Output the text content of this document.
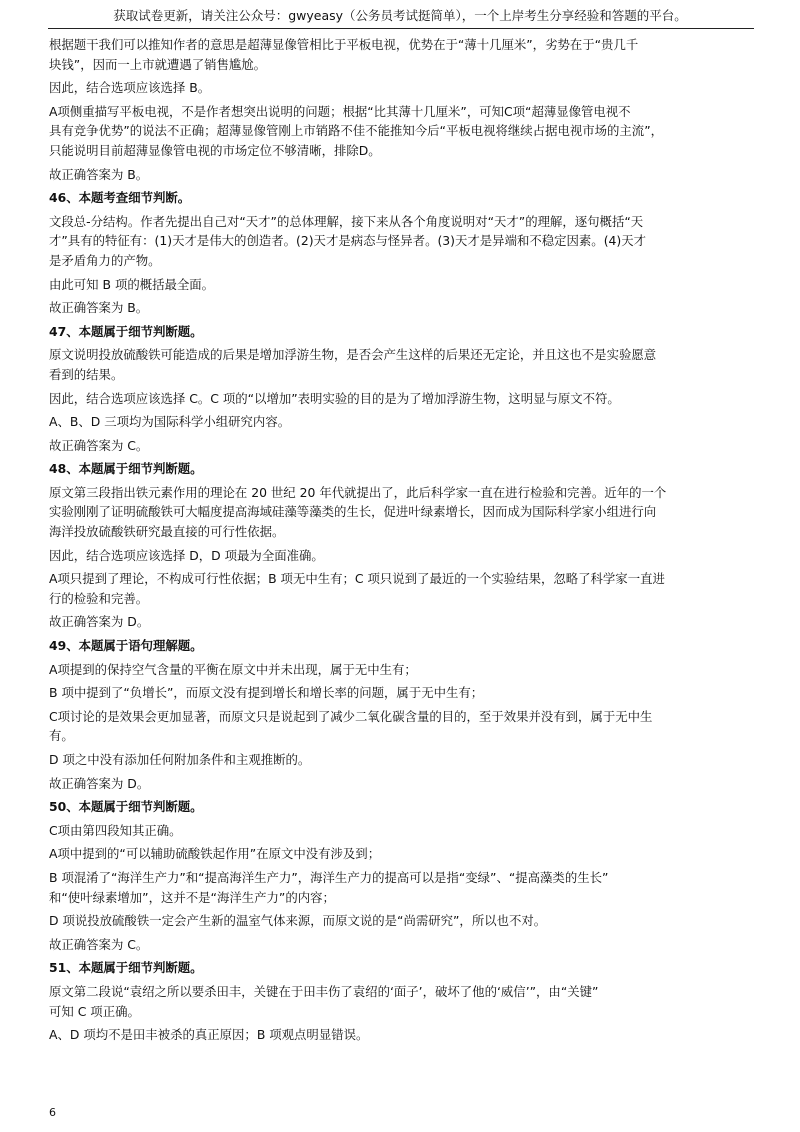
获取试卷更新，请关注公众号：gwyeasy（公务员考试挺简单），一个上岸考生分享经验和答题的平台。

根据题干我们可以推知作者的意思是超薄显像管相比于平板电视，优势在于“薄十几厘米”，劣势在于“贵几千
块钱”，因而一上市就遭遇了销售尴尬。

因此，结合选项应该选择 B。

A项侧重描写平板电视，不是作者想突出说明的问题；根据“比其薄十几厘米”，可知C项“超薄显像管电视不
具有竞争优势”的说法不正确；超薄显像管刚上市销路不佳不能推知今后“平板电视将继续占据电视市场的主流”，
只能说明目前超薄显像管电视的市场定位不够清晰，排除D。

故正确答案为 B。

46、本题考查细节判断。

文段总-分结构。作者先提出自己对“天才”的总体理解，接下来从各个角度说明对“天才”的理解，逐句概括“天
才”具有的特征有：(1)天才是伟大的创造者。(2)天才是病态与怪异者。(3)天才是异端和不稳定因素。(4)天才
是矛盾角力的产物。

由此可知 B 项的概括最全面。

故正确答案为 B。

47、本题属于细节判断题。

原文说明投放硫酸铁可能造成的后果是增加浮游生物，是否会产生这样的后果还无定论，并且这也不是实验愿意
看到的结果。

因此，结合选项应该选择 C。C 项的“以增加”表明实验的目的是为了增加浮游生物，这明显与原文不符。

A、B、D 三项均为国际科学小组研究内容。

故正确答案为 C。

48、本题属于细节判断题。

原文第三段指出铁元素作用的理论在 20 世纪 20 年代就提出了，此后科学家一直在进行检验和完善。近年的一个
实验刚刚了证明硫酸铁可大幅度提高海域硅藻等藻类的生长，促进叶绿素增长，因而成为国际科学家小组进行向
海洋投放硫酸铁研究最直接的可行性依据。

因此，结合选项应该选择 D，D 项最为全面准确。

A项只提到了理论，不构成可行性依据；B 项无中生有；C 项只说到了最近的一个实验结果，忽略了科学家一直进
行的检验和完善。

故正确答案为 D。

49、本题属于语句理解题。

A项提到的保持空气含量的平衡在原文中并未出现，属于无中生有；

B 项中提到了“负增长”，而原文没有提到增长和增长率的问题，属于无中生有；

C项讨论的是效果会更加显著，而原文只是说起到了减少二氧化碳含量的目的，至于效果并没有到，属于无中生
有。

D 项之中没有添加任何附加条件和主观推断的。

故正确答案为 D。

50、本题属于细节判断题。

C项由第四段知其正确。

A项中提到的“可以辅助硫酸铁起作用”在原文中没有涉及到；

B 项混淆了“海洋生产力”和“提高海洋生产力”，海洋生产力的提高可以是指“变绿”、“提高藻类的生长”
和“使叶绿素增加”，这并不是“海洋生产力”的内容；

D 项说投放硫酸铁一定会产生新的温室气体来源，而原文说的是“尚需研究”，所以也不对。

故正确答案为 C。

51、本题属于细节判断题。

原文第二段说“袁绍之所以要杀田丰，关键在于田丰伤了袁绍的‘面子’，破坏了他的‘威信’”，由“关键”
可知 C 项正确。

A、D 项均不是田丰被杀的真正原因；B 项观点明显错误。

6
